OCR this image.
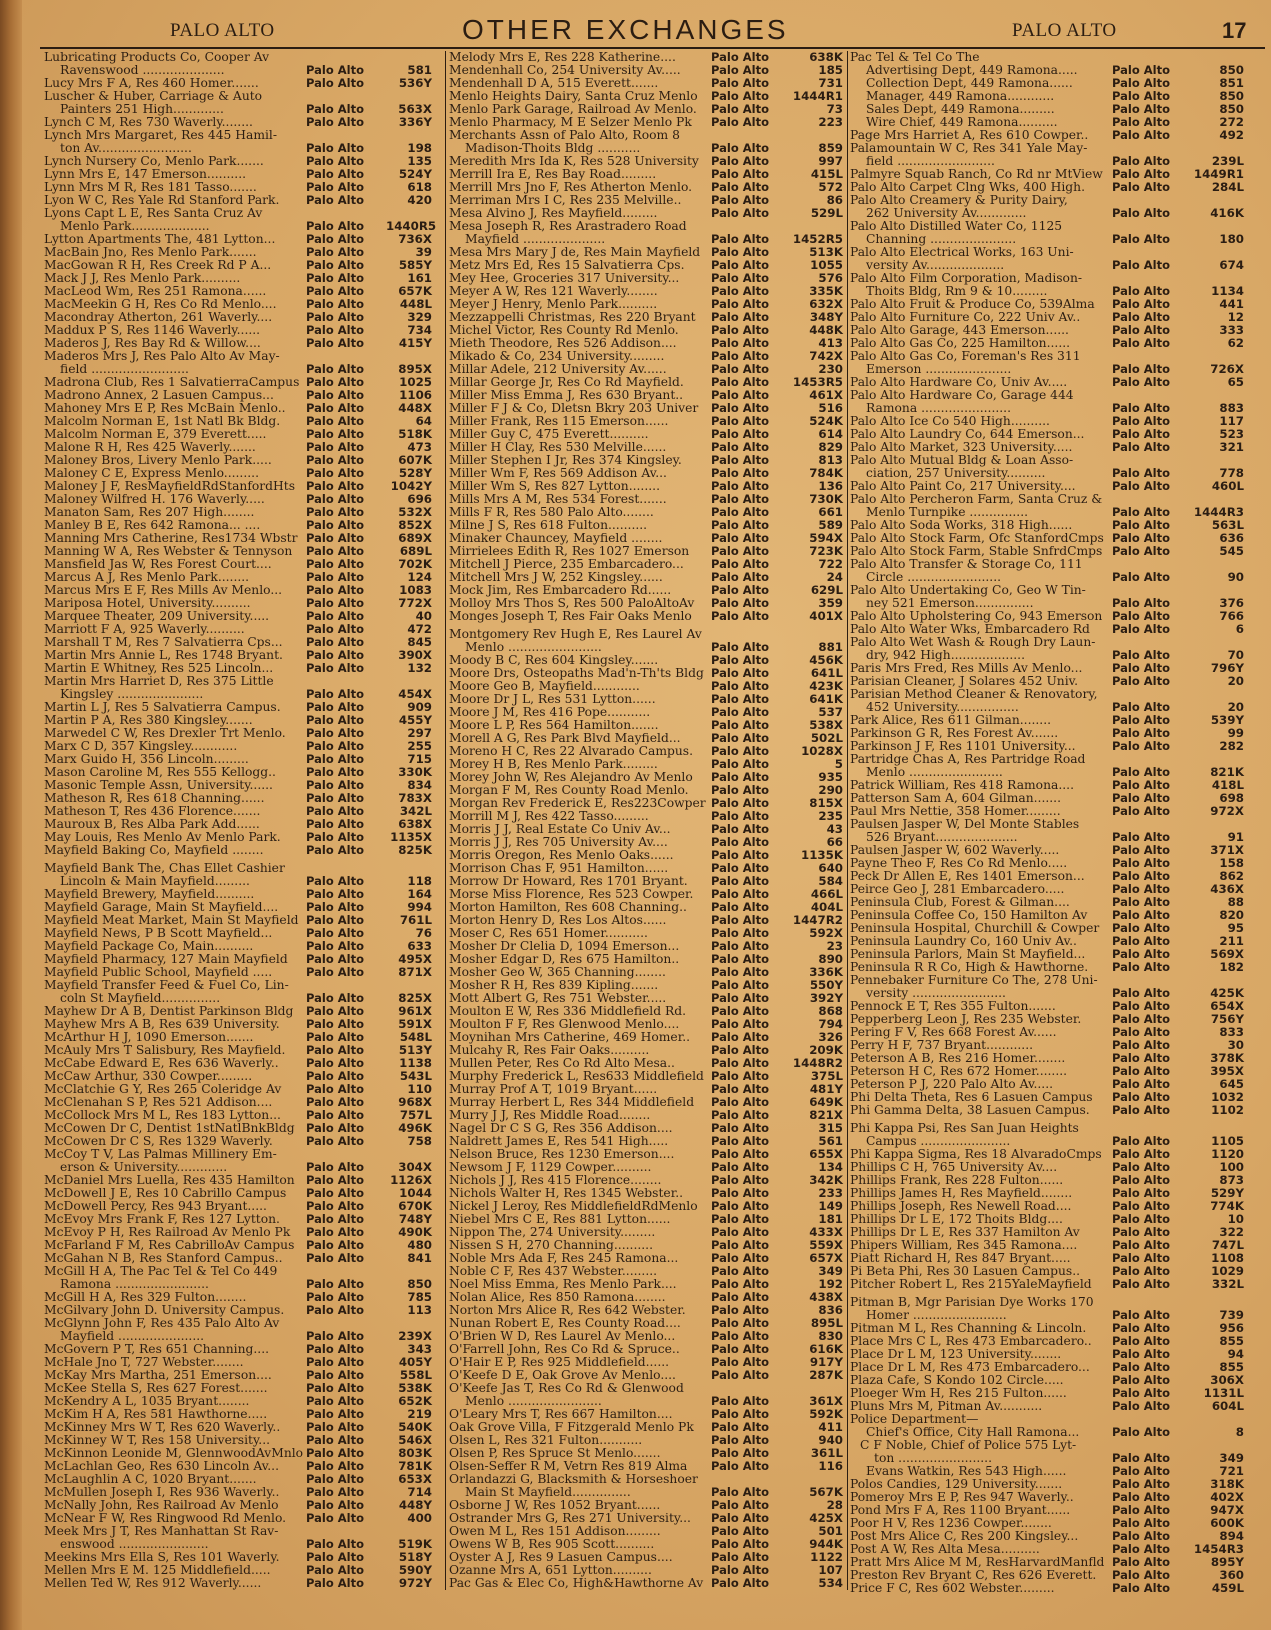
PALO ALTO	OTHER EXCHANGES	PALO ALTO	17
Lubricating Products Co, Cooper Av
Ravenswood .....................	Palo Alto	581
Lucy Mrs F A, Res 460 Homer.......	Palo Alto	536Y
Luscher & Huber, Carriage & Auto
Painters 251 High.............	Palo Alto	563X
Lynch C M, Res 730 Waverly........	Palo Alto	336Y
Lynch Mrs Margaret, Res 445 Hamil-
ton Av........................	Palo Alto	198
Lynch Nursery Co, Menlo Park.......	Palo Alto	135
Lynn Mrs E, 147 Emerson..........	Palo Alto	524Y
Lynn Mrs M R, Res 181 Tasso.......	Palo Alto	618
Lyon W C, Res Yale Rd Stanford Park.	Palo Alto	420
Lyons Capt L E, Res Santa Cruz Av
Menlo Park....................	Palo Alto	1440R5
Lytton Apartments The, 481 Lytton...	Palo Alto	736X
MacBain Jno, Res Menlo Park.......	Palo Alto	39
MacGowan R H, Res Creek Rd P A...	Palo Alto	585Y
Mack J J, Res Menlo Park..........	Palo Alto	161
MacLeod Wm, Res 251 Ramona......	Palo Alto	657K
MacMeekin G H, Res Co Rd Menlo....	Palo Alto	448L
Macondray Atherton, 261 Waverly....	Palo Alto	329
Maddux P S, Res 1146 Waverly......	Palo Alto	734
Maderos J, Res Bay Rd & Willow....	Palo Alto	415Y
Maderos Mrs J, Res Palo Alto Av May-
field .........................	Palo Alto	895X
Madrona Club, Res 1 SalvatierraCampus Palo Alto	1025
Madrono Annex, 2 Lasuen Campus...	Palo Alto	1106
Mahoney Mrs E P, Res McBain Menlo..	Palo Alto	448X
Malcolm Norman E, 1st Natl Bk Bldg.	Palo Alto	64
Malcolm Norman E, 379 Everett.....	Palo Alto	518K
Malone R H, Res 425 Waverly.......	Palo Alto	473
Maloney Bros, Livery Menlo Park.....	Palo Alto	607K
Maloney C E, Express Menlo.........	Palo Alto	528Y
Maloney J F, ResMayfieldRdStanfordHts Palo Alto	1042Y
Maloney Wilfred H. 176 Waverly.....	Palo Alto	696
Manaton Sam, Res 207 High........	Palo Alto	532X
Manley B E, Res 642 Ramona... ....	Palo Alto	852X
Manning Mrs Catherine, Res1734 Wbstr Palo Alto	689X
Manning W A, Res Webster & Tennyson	Palo Alto	689L
Mansfield Jas W, Res Forest Court....	Palo Alto	702K
Marcus A J, Res Menlo Park........	Palo Alto	124
Marcus Mrs E F, Res Mills Av Menlo...	Palo Alto	1083
Mariposa Hotel, University..........	Palo Alto	772X
Marquee Theater, 209 University.....	Palo Alto	40
Marriott F A, 925 Waverly..........	Palo Alto	472
Marshall T M, Res 7 Salvatierra Cps...	Palo Alto	845
Martin Mrs Annie L, Res 1748 Bryant.	Palo Alto	390X
Martin E Whitney, Res 525 Lincoln...	Palo Alto	132
Martin Mrs Harriet D, Res 375 Little
Kingsley ......................	Palo Alto	454X
Martin L J, Res 5 Salvatierra Campus.	Palo Alto	909
Martin P A, Res 380 Kingsley.......	Palo Alto	455Y
Marwedel C W, Res Drexler Trt Menlo.	Palo Alto	297
Marx C D, 357 Kingsley............	Palo Alto	255
Marx Guido H, 356 Lincoln.........	Palo Alto	715
Mason Caroline M, Res 555 Kellogg..	Palo Alto	330K
Masonic Temple Assn, University......	Palo Alto	834
Matheson R, Res 618 Channing......	Palo Alto	783X
Matheson T, Res 436 Florence.......	Palo Alto	342L
Mauroux B, Res Alba Park Add......	Palo Alto	638X
May Louis, Res Menlo Av Menlo Park.	Palo Alto	1135X
Mayfield Baking Co, Mayfield ........	Palo Alto	825K
Mayfield Bank The, Chas Ellet Cashier
Lincoln & Main Mayfield.........	Palo Alto	118
Mayfield Brewery, Mayfield..........	Palo Alto	164
Mayfield Garage, Main St Mayfield....	Palo Alto	994
Mayfield Meat Market, Main St Mayfield Palo Alto	761L
Mayfield News, P B Scott Mayfield...	Palo Alto	76
Mayfield Package Co, Main..........	Palo Alto	633
Mayfield Pharmacy, 127 Main Mayfield	Palo Alto	495X
Mayfield Public School, Mayfield .....	Palo Alto	871X
Mayfield Transfer Feed & Fuel Co, Lin-
coln St Mayfield...............	Palo Alto	825X
Mayhew Dr A B, Dentist Parkinson Bldg	Palo Alto	961X
Mayhew Mrs A B, Res 639 University.	Palo Alto	591X
McArthur H J, 1090 Emerson.......	Palo Alto	548L
McAuly Mrs T Salisbury, Res Mayfield.	Palo Alto	513Y
McCabe Edward E, Res 636 Waverly..	Palo Alto	1138
McCaw Arthur, 330 Cowper.........	Palo Alto	543L
McClatchie G Y, Res 265 Coleridge Av	Palo Alto	110
McClenahan S P, Res 521 Addison....	Palo Alto	968X
McCollock Mrs M L, Res 183 Lytton...	Palo Alto	757L
McCowen Dr C, Dentist 1stNatlBnkBldg Palo Alto	496K
McCowen Dr C S, Res 1329 Waverly.	Palo Alto	758
McCoy T V, Las Palmas Millinery Em-
erson & University.............	Palo Alto	304X
McDaniel Mrs Luella, Res 435 Hamilton Palo Alto	1126X
McDowell J E, Res 10 Cabrillo Campus	Palo Alto	1044
McDowell Percy, Res 943 Bryant.....	Palo Alto	670K
McEvoy Mrs Frank F, Res 127 Lytton.	Palo Alto	748Y
McEvoy P H, Res Railroad Av Menlo Pk	Palo Alto	490K
McFarland F M, Res CabrilloAv Campus	Palo Alto	480
McGahan N B, Res Stanford Campus..	Palo Alto	841
McGill H A, The Pac Tel & Tel Co 449
Ramona ........................	Palo Alto	850
McGill H A, Res 329 Fulton........	Palo Alto	785
McGilvary John D. University Campus.	Palo Alto	113
McGlynn John F, Res 435 Palo Alto Av
Mayfield ......................	Palo Alto	239X
McGovern P T, Res 651 Channing....	Palo Alto	343
McHale Jno T, 727 Webster........	Palo Alto	405Y
McKay Mrs Martha, 251 Emerson....	Palo Alto	558L
McKee Stella S, Res 627 Forest.......	Palo Alto	538K
McKendry A L, 1035 Bryant........	Palo Alto	652K
McKim H A, Res 581 Hawthorne.....	Palo Alto	219
McKinney Mrs W T, Res 620 Waverly..	Palo Alto	540K
McKinney W T, Res 158 University...	Palo Alto	546X
McKinnon Leonide M, GlennwoodAvMnlo Palo Alto	803K
McLachlan Geo, Res 630 Lincoln Av...	Palo Alto	781K
McLaughlin A C, 1020 Bryant.......	Palo Alto	653X
McMullen Joseph I, Res 936 Waverly..	Palo Alto	714
McNally John, Res Railroad Av Menlo	Palo Alto	448Y
McNear F W, Res Ringwood Rd Menlo.	Palo Alto	400
Meek Mrs J T, Res Manhattan St Rav-
enswood .......................	Palo Alto	519K
Meekins Mrs Ella S, Res 101 Waverly.	Palo Alto	518Y
Mellen Mrs E M. 125 Middlefield.....	Palo Alto	590Y
Mellen Ted W, Res 912 Waverly......	Palo Alto	972Y
Melody Mrs E, Res 228 Katherine....	Palo Alto	638K
Mendenhall Co, 254 University Av.....	Palo Alto	185
Mendenhall D A, 515 Everett.......	Palo Alto	731
Menlo Heights Dairy, Santa Cruz Menlo	Palo Alto	1444R1
Menlo Park Garage, Railroad Av Menlo.	Palo Alto	73
Menlo Pharmacy, M E Selzer Menlo Pk	Palo Alto	223
Merchants Assn of Palo Alto, Room 8
Madison-Thoits Bldg ...........	Palo Alto	859
Meredith Mrs Ida K, Res 528 University	Palo Alto	997
Merrill Ira E, Res Bay Road.........	Palo Alto	415L
Merrill Mrs Jno F, Res Atherton Menlo.	Palo Alto	572
Merriman Mrs I C, Res 235 Melville..	Palo Alto	86
Mesa Alvino J, Res Mayfield.........	Palo Alto	529L
Mesa Joseph R, Res Arastradero Road
Mayfield .....................	Palo Alto	1452R5
Mesa Mrs Mary J de, Res Main Mayfield Palo Alto	513K
Metz Mrs Ed, Res 15 Salvatierra Cps.	Palo Alto	1055
Mey Hee, Groceries 317 University...	Palo Alto	576
Meyer A W, Res 121 Waverly........	Palo Alto	335K
Meyer J Henry, Menlo Park..........	Palo Alto	632X
Mezzappelli Christmas, Res 220 Bryant	Palo Alto	348Y
Michel Victor, Res County Rd Menlo.	Palo Alto	448K
Mieth Theodore, Res 526 Addison....	Palo Alto	413
Mikado & Co, 234 University.........	Palo Alto	742X
Millar Adele, 212 University Av......	Palo Alto	230
Millar George Jr, Res Co Rd Mayfield.	Palo Alto	1453R5
Miller Miss Emma J, Res 630 Bryant..	Palo Alto	461X
Miller F J & Co, Dletsn Bkry 203 Univer	Palo Alto	516
Miller Frank, Res 115 Emerson......	Palo Alto	524K
Miller Guy C, 475 Everett..........	Palo Alto	614
Miller H Clay, Res 530 Melville......	Palo Alto	829
Miller Stephen I Jr, Res 374 Kingsley.	Palo Alto	813
Miller Wm F, Res 569 Addison Av...	Palo Alto	784K
Miller Wm S, Res 827 Lytton........	Palo Alto	136
Mills Mrs A M, Res 534 Forest.......	Palo Alto	730K
Mills F R, Res 580 Palo Alto........	Palo Alto	661
Milne J S, Res 618 Fulton..........	Palo Alto	589
Minaker Chauncey, Mayfield ........	Palo Alto	594X
Mirrielees Edith R, Res 1027 Emerson	Palo Alto	723K
Mitchell J Pierce, 235 Embarcadero...	Palo Alto	722
Mitchell Mrs J W, 252 Kingsley......	Palo Alto	24
Mock Jim, Res Embarcadero Rd......	Palo Alto	629L
Molloy Mrs Thos S, Res 500 PaloAltoAv	Palo Alto	359
Monges Joseph T, Res Fair Oaks Menlo	Palo Alto	401X
Montgomery Rev Hugh E, Res Laurel Av
Menlo ........................	Palo Alto	881
Moody B C, Res 604 Kingsley.......	Palo Alto	456K
Moore Drs, Osteopaths Mad'n-Th'ts Bldg Palo Alto	641L
Moore Geo B, Mayfield............	Palo Alto	423K
Moore Dr J L, Res 531 Lytton......	Palo Alto	641K
Moore J M, Res 416 Pope...........	Palo Alto	537
Moore L P, Res 564 Hamilton.......	Palo Alto	538X
Morell A G, Res Park Blvd Mayfield...	Palo Alto	502L
Moreno H C, Res 22 Alvarado Campus.	Palo Alto	1028X
Morey H B, Res Menlo Park.........	Palo Alto	5
Morey John W, Res Alejandro Av Menlo	Palo Alto	935
Morgan F M, Res County Road Menlo.	Palo Alto	290
Morgan Rev Frederick E, Res223Cowper Palo Alto	815X
Morrill M J, Res 422 Tasso.........	Palo Alto	235
Morris J J, Real Estate Co Univ Av...	Palo Alto	43
Morris J J, Res 705 University Av....	Palo Alto	66
Morris Oregon, Res Menlo Oaks......	Palo Alto	1135K
Morrison Chas F, 951 Hamilton......	Palo Alto	640
Morrow Dr Howard, Res 1701 Bryant.	Palo Alto	584
Morse Miss Florence, Res 523 Cowper.	Palo Alto	466L
Morton Hamilton, Res 608 Channing..	Palo Alto	404L
Morton Henry D, Res Los Altos......	Palo Alto	1447R2
Moser C, Res 651 Homer...........	Palo Alto	592X
Mosher Dr Clelia D, 1094 Emerson...	Palo Alto	23
Mosher Edgar D, Res 675 Hamilton..	Palo Alto	890
Mosher Geo W, 365 Channing........	Palo Alto	336K
Mosher R H, Res 839 Kipling.......	Palo Alto	550Y
Mott Albert G, Res 751 Webster.....	Palo Alto	392Y
Moulton E W, Res 336 Middlefield Rd.	Palo Alto	868
Moulton F F, Res Glenwood Menlo....	Palo Alto	794
Moynihan Mrs Catherine, 469 Homer..	Palo Alto	326
Mulcahy R, Res Fair Oaks..........	Palo Alto	209K
Mullen Peter, Res Co Rd Alto Mesa..	Palo Alto	1448R2
Murphy Frederick L, Res633 Middlefield Palo Alto	375L
Murray Prof A T, 1019 Bryant......	Palo Alto	481Y
Murray Herbert L, Res 344 Middlefield	Palo Alto	649K
Murry J J, Res Middle Road........	Palo Alto	821X
Nagel Dr C S G, Res 356 Addison....	Palo Alto	315
Naldrett James E, Res 541 High.....	Palo Alto	561
Nelson Bruce, Res 1230 Emerson....	Palo Alto	655X
Newsom J F, 1129 Cowper..........	Palo Alto	134
Nichols J J, Res 415 Florence........	Palo Alto	342K
Nichols Walter H, Res 1345 Webster..	Palo Alto	233
Nickel J Leroy, Res MiddlefieldRdMenlo	Palo Alto	149
Niebel Mrs C E, Res 881 Lytton......	Palo Alto	181
Nippon The, 274 University.........	Palo Alto	433X
Nissen S H, 270 Channing..........	Palo Alto	559X
Noble Mrs Ada F, Res 245 Ramona...	Palo Alto	657X
Noble C F, Res 437 Webster.........	Palo Alto	349
Noel Miss Emma, Res Menlo Park....	Palo Alto	192
Nolan Alice, Res 850 Ramona........	Palo Alto	438X
Norton Mrs Alice R, Res 642 Webster.	Palo Alto	836
Nunan Robert E, Res County Road....	Palo Alto	895L
O'Brien W D, Res Laurel Av Menlo...	Palo Alto	830
O'Farrell John, Res Co Rd & Spruce..	Palo Alto	616K
O'Hair E P, Res 925 Middlefield......	Palo Alto	917Y
O'Keefe D E, Oak Grove Av Menlo....	Palo Alto	287K
O'Keefe Jas T, Res Co Rd & Glenwood
Menlo ........................	Palo Alto	361X
O'Leary Mrs T, Res 667 Hamilton....	Palo Alto	592K
Oak Grove Villa, F Fitzgerald Menlo Pk	Palo Alto	411
Olsen L, Res 321 Fulton...........	Palo Alto	940
Olsen P, Res Spruce St Menlo.......	Palo Alto	361L
Olsen-Seffer R M, Vetrn Res 819 Alma	Palo Alto	116
Orlandazzi G, Blacksmith & Horseshoer
Main St Mayfield...............	Palo Alto	567K
Osborne J W, Res 1052 Bryant......	Palo Alto	28
Ostrander Mrs G, Res 271 University...	Palo Alto	425X
Owen M L, Res 151 Addison.........	Palo Alto	501
Owens W B, Res 905 Scott..........	Palo Alto	944K
Oyster A J, Res 9 Lasuen Campus....	Palo Alto	1122
Ozanne Mrs A, 651 Lytton..........	Palo Alto	107
Pac Gas & Elec Co, High&Hawthorne Av Palo Alto	534
Pac Tel & Tel Co The
Advertising Dept, 449 Ramona.....	Palo Alto	850
Collection Dept, 449 Ramona......	Palo Alto	851
Manager, 449 Ramona............	Palo Alto	850
Sales Dept, 449 Ramona.........	Palo Alto	850
Wire Chief, 449 Ramona..........	Palo Alto	272
Page Mrs Harriet A, Res 610 Cowper..	Palo Alto	492
Palamountain W C, Res 341 Yale May-
field .........................	Palo Alto	239L
Palmyre Squab Ranch, Co Rd nr MtView Palo Alto	1449R1
Palo Alto Carpet Clng Wks, 400 High.	Palo Alto	284L
Palo Alto Creamery & Purity Dairy,
262 University Av.............	Palo Alto	416K
Palo Alto Distilled Water Co, 1125
Channing ......................	Palo Alto	180
Palo Alto Electrical Works, 163 Uni-
versity Av....................	Palo Alto	674
Palo Alto Film Corporation, Madison-
Thoits Bldg, Rm 9 & 10.........	Palo Alto	1134
Palo Alto Fruit & Produce Co, 539Alma	Palo Alto	441
Palo Alto Furniture Co, 222 Univ Av..	Palo Alto	12
Palo Alto Garage, 443 Emerson......	Palo Alto	333
Palo Alto Gas Co, 225 Hamilton......	Palo Alto	62
Palo Alto Gas Co, Foreman's Res 311
Emerson ......................	Palo Alto	726X
Palo Alto Hardware Co, Univ Av.....	Palo Alto	65
Palo Alto Hardware Co, Garage 444
Ramona .......................	Palo Alto	883
Palo Alto Ice Co 540 High..........	Palo Alto	117
Palo Alto Laundry Co, 644 Emerson...	Palo Alto	523
Palo Alto Market, 323 University.....	Palo Alto	321
Palo Alto Mutual Bldg & Loan Asso-
ciation, 257 University..........	Palo Alto	778
Palo Alto Paint Co, 217 University....	Palo Alto	460L
Palo Alto Percheron Farm, Santa Cruz &
Menlo Turnpike ...............	Palo Alto	1444R3
Palo Alto Soda Works, 318 High......	Palo Alto	563L
Palo Alto Stock Farm, Ofc StanfordCmps Palo Alto	636
Palo Alto Stock Farm, Stable SnfrdCmps Palo Alto	545
Palo Alto Transfer & Storage Co, 111
Circle ........................	Palo Alto	90
Palo Alto Undertaking Co, Geo W Tin-
ney 521 Emerson...............	Palo Alto	376
Palo Alto Upholstering Co, 943 Emerson Palo Alto	766
Palo Alto Water Wks, Embarcadero Rd	Palo Alto	6
Palo Alto Wet Wash & Rough Dry Laun-
dry, 942 High...................	Palo Alto	70
Paris Mrs Fred, Res Mills Av Menlo...	Palo Alto	796Y
Parisian Cleaner, J Solares 452 Univ.	Palo Alto	20
Parisian Method Cleaner & Renovatory,
452 University................	Palo Alto	20
Park Alice, Res 611 Gilman........	Palo Alto	539Y
Parkinson G R, Res Forest Av.......	Palo Alto	99
Parkinson J F, Res 1101 University...	Palo Alto	282
Partridge Chas A, Res Partridge Road
Menlo ........................	Palo Alto	821K
Patrick William, Res 418 Ramona....	Palo Alto	418L
Patterson Sam A, 604 Gilman.......	Palo Alto	698
Paul Mrs Nettie, 358 Homer.........	Palo Alto	972X
Paulsen Jasper W, Del Monte Stables
526 Bryant.....................	Palo Alto	91
Paulsen Jasper W, 602 Waverly.....	Palo Alto	371X
Payne Theo F, Res Co Rd Menlo.....	Palo Alto	158
Peck Dr Allen E, Res 1401 Emerson...	Palo Alto	862
Peirce Geo J, 281 Embarcadero.....	Palo Alto	436X
Peninsula Club, Forest & Gilman....	Palo Alto	88
Peninsula Coffee Co, 150 Hamilton Av	Palo Alto	820
Peninsula Hospital, Churchill & Cowper	Palo Alto	95
Peninsula Laundry Co, 160 Univ Av..	Palo Alto	211
Peninsula Parlors, Main St Mayfield...	Palo Alto	569X
Peninsula R R Co, High & Hawthorne.	Palo Alto	182
Pennebaker Furniture Co The, 278 Uni-
versity ........................	Palo Alto	425K
Pennock E T, Res 355 Fulton.......	Palo Alto	654X
Pepperberg Leon J, Res 235 Webster.	Palo Alto	756Y
Pering F V, Res 668 Forest Av......	Palo Alto	833
Perry H F, 737 Bryant............	Palo Alto	30
Peterson A B, Res 216 Homer........	Palo Alto	378K
Peterson H C, Res 672 Homer........	Palo Alto	395X
Peterson P J, 220 Palo Alto Av.....	Palo Alto	645
Phi Delta Theta, Res 6 Lasuen Campus	Palo Alto	1032
Phi Gamma Delta, 38 Lasuen Campus.	Palo Alto	1102
Phi Kappa Psi, Res San Juan Heights
Campus .......................	Palo Alto	1105
Phi Kappa Sigma, Res 18 AlvaradoCmps Palo Alto	1120
Phillips C H, 765 University Av....	Palo Alto	100
Phillips Frank, Res 228 Fulton......	Palo Alto	873
Phillips James H, Res Mayfield........	Palo Alto	529Y
Phillips Joseph, Res Newell Road....	Palo Alto	774K
Phillips Dr L E, 172 Thoits Bldg....	Palo Alto	10
Phillips Dr L E, Res 337 Hamilton Av	Palo Alto	322
Phipers William, Res 345 Ramona....	Palo Alto	747L
Piatt Richard H, Res 847 Bryant.....	Palo Alto	1108
Pi Beta Phi, Res 30 Lasuen Campus..	Palo Alto	1029
Pitcher Robert L, Res 215YaleMayfield	Palo Alto	332L
Pitman B, Mgr Parisian Dye Works 170
Homer ........................	Palo Alto	739
Pitman M L, Res Channing & Lincoln.	Palo Alto	956
Place Mrs C L, Res 473 Embarcadero..	Palo Alto	855
Place Dr L M, 123 University........	Palo Alto	94
Place Dr L M, Res 473 Embarcadero...	Palo Alto	855
Plaza Cafe, S Kondo 102 Circle.....	Palo Alto	306X
Ploeger Wm H, Res 215 Fulton......	Palo Alto	1131L
Pluns Mrs M, Pitman Av...........	Palo Alto	604L
Police Department—
Chief's Office, City Hall Ramona...	Palo Alto	8
C F Noble, Chief of Police 575 Lyt-
ton ........................	Palo Alto	349
Evans Watkin, Res 543 High......	Palo Alto	721
Polos Candies, 129 University.......	Palo Alto	318K
Pomeroy Mrs E P, Res 947 Waverly..	Palo Alto	402X
Pond Mrs F A, Res 1100 Bryant......	Palo Alto	947X
Poor H V, Res 1236 Cowper........	Palo Alto	600K
Post Mrs Alice C, Res 200 Kingsley...	Palo Alto	894
Post A W, Res Alta Mesa..........	Palo Alto	1454R3
Pratt Mrs Alice M M, ResHarvardManfld Palo Alto	895Y
Preston Rev Bryant C, Res 626 Everett.	Palo Alto	360
Price F C, Res 602 Webster.........	Palo Alto	459L
